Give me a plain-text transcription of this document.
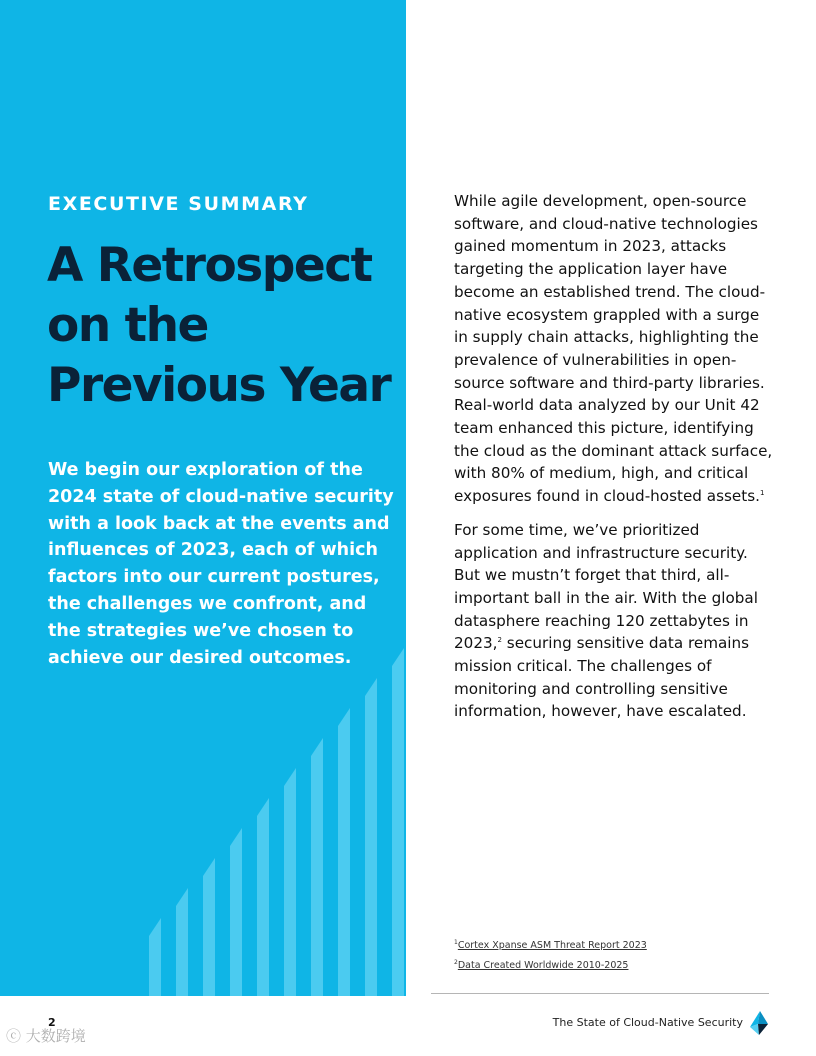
EXECUTIVE SUMMARY
A Retrospect
on the
Previous Year

We begin our exploration of the 2024 state of cloud-native security with a look back at the events and influences of 2023, each of which factors into our current postures, the challenges we confront, and the strategies we’ve chosen to achieve our desired outcomes.

While agile development, open-source software, and cloud-native technologies gained momentum in 2023, attacks targeting the application layer have become an established trend. The cloud-native ecosystem grappled with a surge in supply chain attacks, highlighting the prevalence of vulnerabilities in open-source software and third-party libraries. Real-world data analyzed by our Unit 42 team enhanced this picture, identifying the cloud as the dominant attack surface, with 80% of medium, high, and critical exposures found in cloud-hosted assets.$^1$

For some time, we’ve prioritized application and infrastructure security. But we mustn’t forget that third, all-important ball in the air. With the global datasphere reaching 120 zettabytes in 2023,$^2$ securing sensitive data remains mission critical. The challenges of monitoring and controlling sensitive information, however, have escalated.

$^1$Cortex Xpanse ASM Threat Report 2023
$^2$Data Created Worldwide 2010-2025
2	The State of Cloud-Native Security
ⓒ 大数跨境
